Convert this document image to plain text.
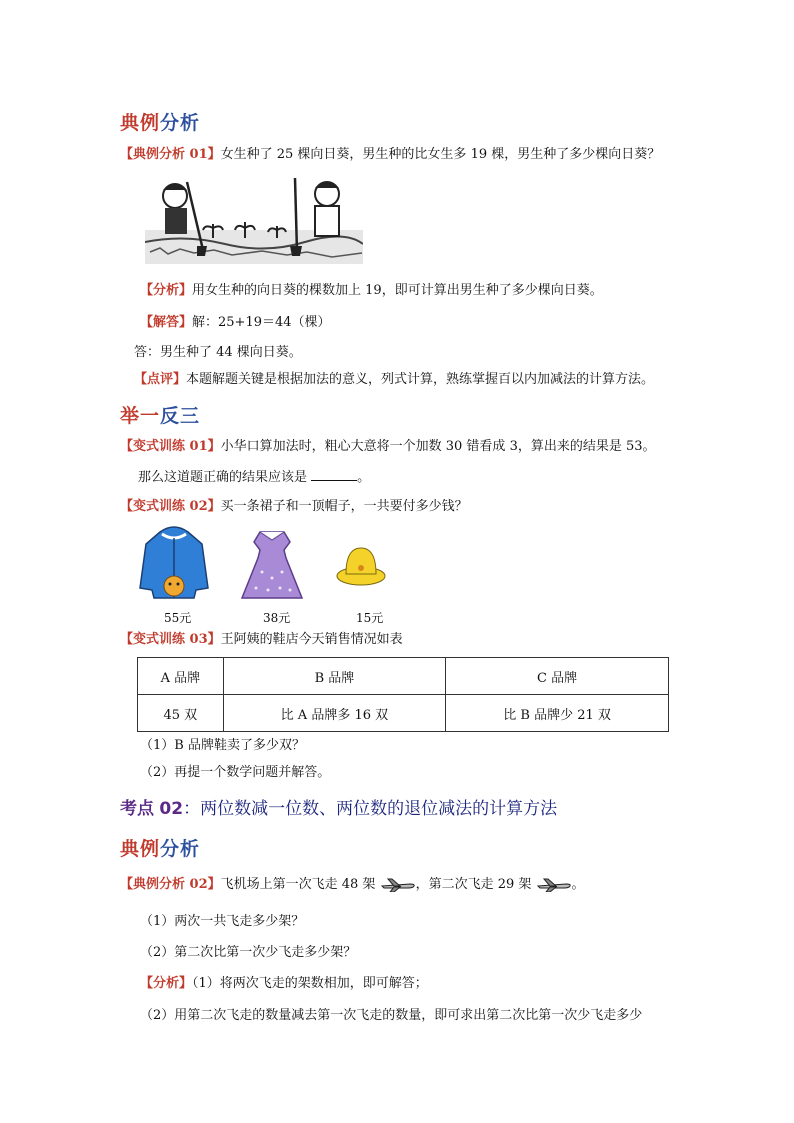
典例分析
【典例分析 01】女生种了 25 棵向日葵，男生种的比女生多 19 棵，男生种了多少棵向日葵？
【分析】用女生种的向日葵的棵数加上 19，即可计算出男生种了多少棵向日葵。
【解答】解：25+19＝44（棵）
答：男生种了 44 棵向日葵。
【点评】本题解题关键是根据加法的意义，列式计算，熟练掌握百以内加减法的计算方法。
举一反三
【变式训练 01】小华口算加法时，粗心大意将一个加数 30 错看成 3，算出来的结果是 53。
那么这道题正确的结果应该是	。
【变式训练 02】买一条裙子和一顶帽子，一共要付多少钱？
55元	38元	15元
【变式训练 03】王阿姨的鞋店今天销售情况如表
A 品牌	B 品牌	C 品牌
45 双	比 A 品牌多 16 双	比 B 品牌少 21 双
（1）B 品牌鞋卖了多少双？
（2）再提一个数学问题并解答。
考点 02：两位数减一位数、两位数的退位减法的计算方法
典例分析
【典例分析 02】飞机场上第一次飞走 48 架	，第二次飞走 29 架	。
（1）两次一共飞走多少架？
（2）第二次比第一次少飞走多少架？
【分析】（1）将两次飞走的架数相加，即可解答；
（2）用第二次飞走的数量减去第一次飞走的数量，即可求出第二次比第一次少飞走多少
